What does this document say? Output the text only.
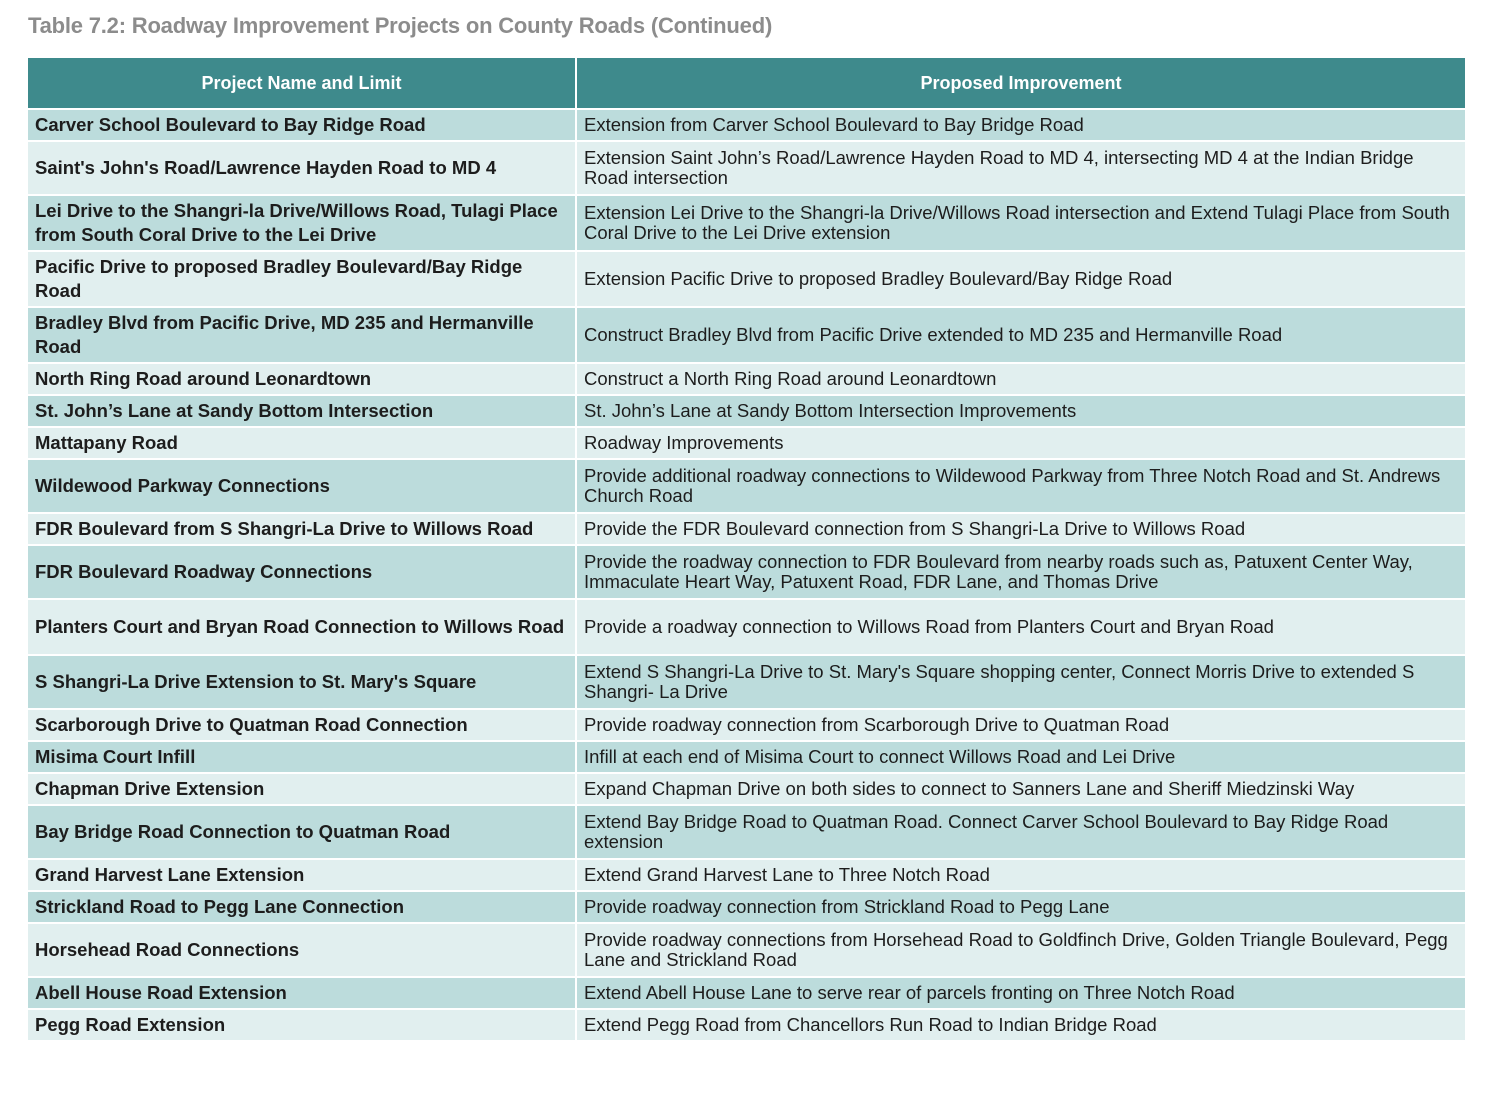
Table 7.2: Roadway Improvement Projects on County Roads (Continued)
Project Name and Limit	Proposed Improvement
Carver School Boulevard to Bay Ridge Road	Extension from Carver School Boulevard to Bay Bridge Road
Saint's John's Road/Lawrence Hayden Road to MD 4	Extension Saint John’s Road/Lawrence Hayden Road to MD 4, intersecting MD 4 at the Indian Bridge Road intersection
Lei Drive to the Shangri-la Drive/Willows Road, Tulagi Place from South Coral Drive to the Lei Drive	Extension Lei Drive to the Shangri-la Drive/Willows Road intersection and Extend Tulagi Place from South Coral Drive to the Lei Drive extension
Pacific Drive to proposed Bradley Boulevard/Bay Ridge Road	Extension Pacific Drive to proposed Bradley Boulevard/Bay Ridge Road
Bradley Blvd from Pacific Drive, MD 235 and Hermanville Road	Construct Bradley Blvd from Pacific Drive extended to MD 235 and Hermanville Road
North Ring Road around Leonardtown	Construct a North Ring Road around Leonardtown
St. John’s Lane at Sandy Bottom Intersection	St. John’s Lane at Sandy Bottom Intersection Improvements
Mattapany Road	Roadway Improvements
Wildewood Parkway Connections	Provide additional roadway connections to Wildewood Parkway from Three Notch Road and St. Andrews Church Road
FDR Boulevard from S Shangri-La Drive to Willows Road	Provide the FDR Boulevard connection from S Shangri-La Drive to Willows Road
FDR Boulevard Roadway Connections	Provide the roadway connection to FDR Boulevard from nearby roads such as, Patuxent Center Way, Immaculate Heart Way, Patuxent Road, FDR Lane, and Thomas Drive
Planters Court and Bryan Road Connection to Willows Road	Provide a roadway connection to Willows Road from Planters Court and Bryan Road
S Shangri-La Drive Extension to St. Mary's Square	Extend S Shangri-La Drive to St. Mary's Square shopping center, Connect Morris Drive to extended S Shangri- La Drive
Scarborough Drive to Quatman Road Connection	Provide roadway connection from Scarborough Drive to Quatman Road
Misima Court Infill	Infill at each end of Misima Court to connect Willows Road and Lei Drive
Chapman Drive Extension	Expand Chapman Drive on both sides to connect to Sanners Lane and Sheriff Miedzinski Way
Bay Bridge Road Connection to Quatman Road	Extend Bay Bridge Road to Quatman Road. Connect Carver School Boulevard to Bay Ridge Road extension
Grand Harvest Lane Extension	Extend Grand Harvest Lane to Three Notch Road
Strickland Road to Pegg Lane Connection	Provide roadway connection from Strickland Road to Pegg Lane
Horsehead Road Connections	Provide roadway connections from Horsehead Road to Goldfinch Drive, Golden Triangle Boulevard, Pegg Lane and Strickland Road
Abell House Road Extension	Extend Abell House Lane to serve rear of parcels fronting on Three Notch Road
Pegg Road Extension	Extend Pegg Road from Chancellors Run Road to Indian Bridge Road
